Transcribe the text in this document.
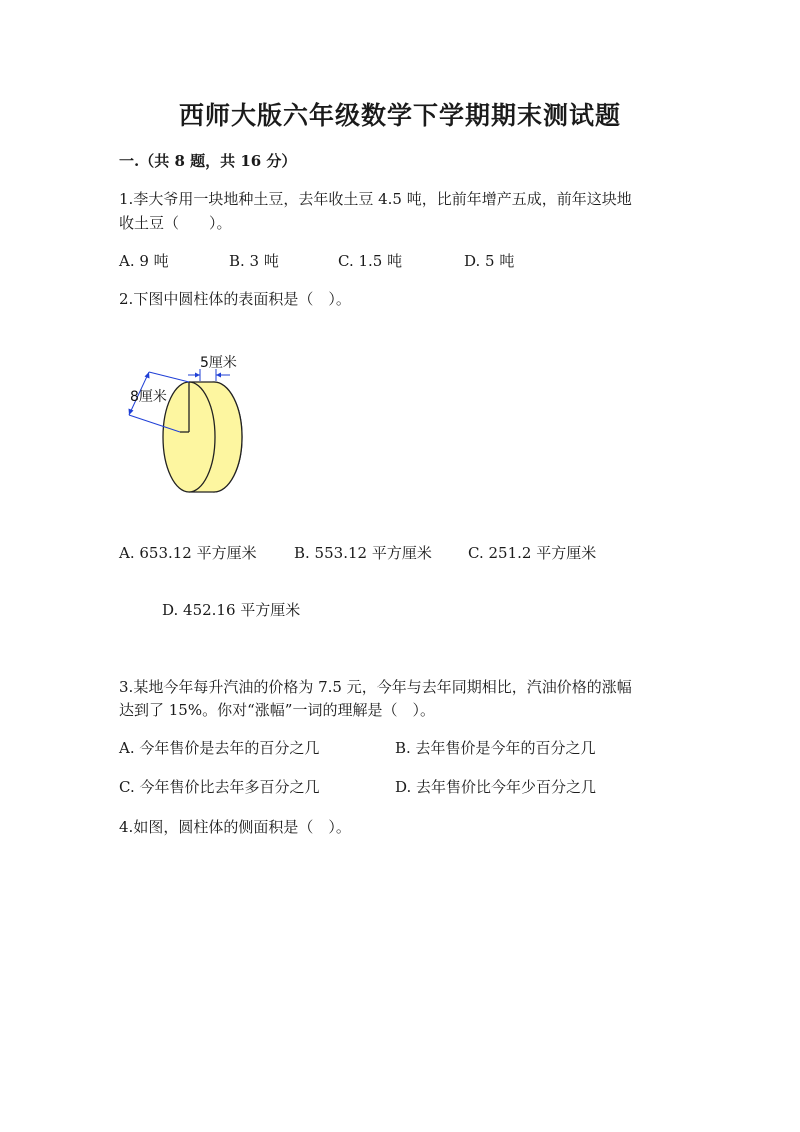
西师大版六年级数学下学期期末测试题
一.（共 8 题，共 16 分）
1.李大爷用一块地种土豆，去年收土豆 4.5 吨，比前年增产五成，前年这块地
收土豆（　　）。
A. 9 吨	B. 3 吨	C. 1.5 吨	D. 5 吨
2.下图中圆柱体的表面积是（　）。
5厘米
8厘米
A. 653.12 平方厘米 B. 553.12 平方厘米 C. 251.2 平方厘米
D. 452.16 平方厘米
3.某地今年每升汽油的价格为 7.5 元，今年与去年同期相比，汽油价格的涨幅
达到了 15%。你对“涨幅”一词的理解是（　）。
A. 今年售价是去年的百分之几	B. 去年售价是今年的百分之几
C. 今年售价比去年多百分之几	D. 去年售价比今年少百分之几
4.如图，圆柱体的侧面积是（　）。
